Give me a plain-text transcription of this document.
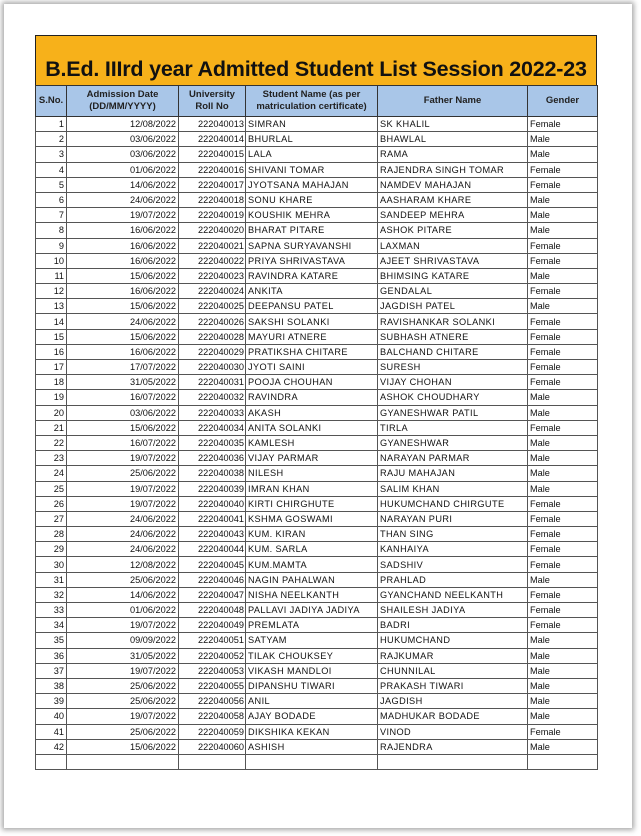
B.Ed. IIIrd year Admitted Student List Session 2022-23
S.No.	Admission Date (DD/MM/YYYY)	University Roll No	Student Name (as per matriculation certificate)	Father Name	Gender
1	12/08/2022	222040013	SIMRAN	SK KHALIL	Female
2	03/06/2022	222040014	BHURLAL	BHAWLAL	Male
3	03/06/2022	222040015	LALA	RAMA	Male
4	01/06/2022	222040016	SHIVANI TOMAR	RAJENDRA SINGH TOMAR	Female
5	14/06/2022	222040017	JYOTSANA MAHAJAN	NAMDEV MAHAJAN	Female
6	24/06/2022	222040018	SONU KHARE	AASHARAM KHARE	Male
7	19/07/2022	222040019	KOUSHIK MEHRA	SANDEEP MEHRA	Male
8	16/06/2022	222040020	BHARAT PITARE	ASHOK PITARE	Male
9	16/06/2022	222040021	SAPNA SURYAVANSHI	LAXMAN	Female
10	16/06/2022	222040022	PRIYA SHRIVASTAVA	AJEET SHRIVASTAVA	Female
11	15/06/2022	222040023	RAVINDRA KATARE	BHIMSING KATARE	Male
12	16/06/2022	222040024	ANKITA	GENDALAL	Female
13	15/06/2022	222040025	DEEPANSU PATEL	JAGDISH PATEL	Male
14	24/06/2022	222040026	SAKSHI SOLANKI	RAVISHANKAR SOLANKI	Female
15	15/06/2022	222040028	MAYURI ATNERE	SUBHASH ATNERE	Female
16	16/06/2022	222040029	PRATIKSHA CHITARE	BALCHAND CHITARE	Female
17	17/07/2022	222040030	JYOTI SAINI	SURESH	Female
18	31/05/2022	222040031	POOJA CHOUHAN	VIJAY CHOHAN	Female
19	16/07/2022	222040032	RAVINDRA	ASHOK CHOUDHARY	Male
20	03/06/2022	222040033	AKASH	GYANESHWAR PATIL	Male
21	15/06/2022	222040034	ANITA SOLANKI	TIRLA	Female
22	16/07/2022	222040035	KAMLESH	GYANESHWAR	Male
23	19/07/2022	222040036	VIJAY PARMAR	NARAYAN PARMAR	Male
24	25/06/2022	222040038	NILESH	RAJU MAHAJAN	Male
25	19/07/2022	222040039	IMRAN KHAN	SALIM KHAN	Male
26	19/07/2022	222040040	KIRTI CHIRGHUTE	HUKUMCHAND CHIRGUTE	Female
27	24/06/2022	222040041	KSHMA GOSWAMI	NARAYAN PURI	Female
28	24/06/2022	222040043	KUM. KIRAN	THAN SING	Female
29	24/06/2022	222040044	KUM. SARLA	KANHAIYA	Female
30	12/08/2022	222040045	KUM.MAMTA	SADSHIV	Female
31	25/06/2022	222040046	NAGIN PAHALWAN	PRAHLAD	Male
32	14/06/2022	222040047	NISHA NEELKANTH	GYANCHAND NEELKANTH	Female
33	01/06/2022	222040048	PALLAVI JADIYA JADIYA	SHAILESH JADIYA	Female
34	19/07/2022	222040049	PREMLATA	BADRI	Female
35	09/09/2022	222040051	SATYAM	HUKUMCHAND	Male
36	31/05/2022	222040052	TILAK CHOUKSEY	RAJKUMAR	Male
37	19/07/2022	222040053	VIKASH MANDLOI	CHUNNILAL	Male
38	25/06/2022	222040055	DIPANSHU TIWARI	PRAKASH TIWARI	Male
39	25/06/2022	222040056	ANIL	JAGDISH	Male
40	19/07/2022	222040058	AJAY BODADE	MADHUKAR BODADE	Male
41	25/06/2022	222040059	DIKSHIKA KEKAN	VINOD	Female
42	15/06/2022	222040060	ASHISH	RAJENDRA	Male
